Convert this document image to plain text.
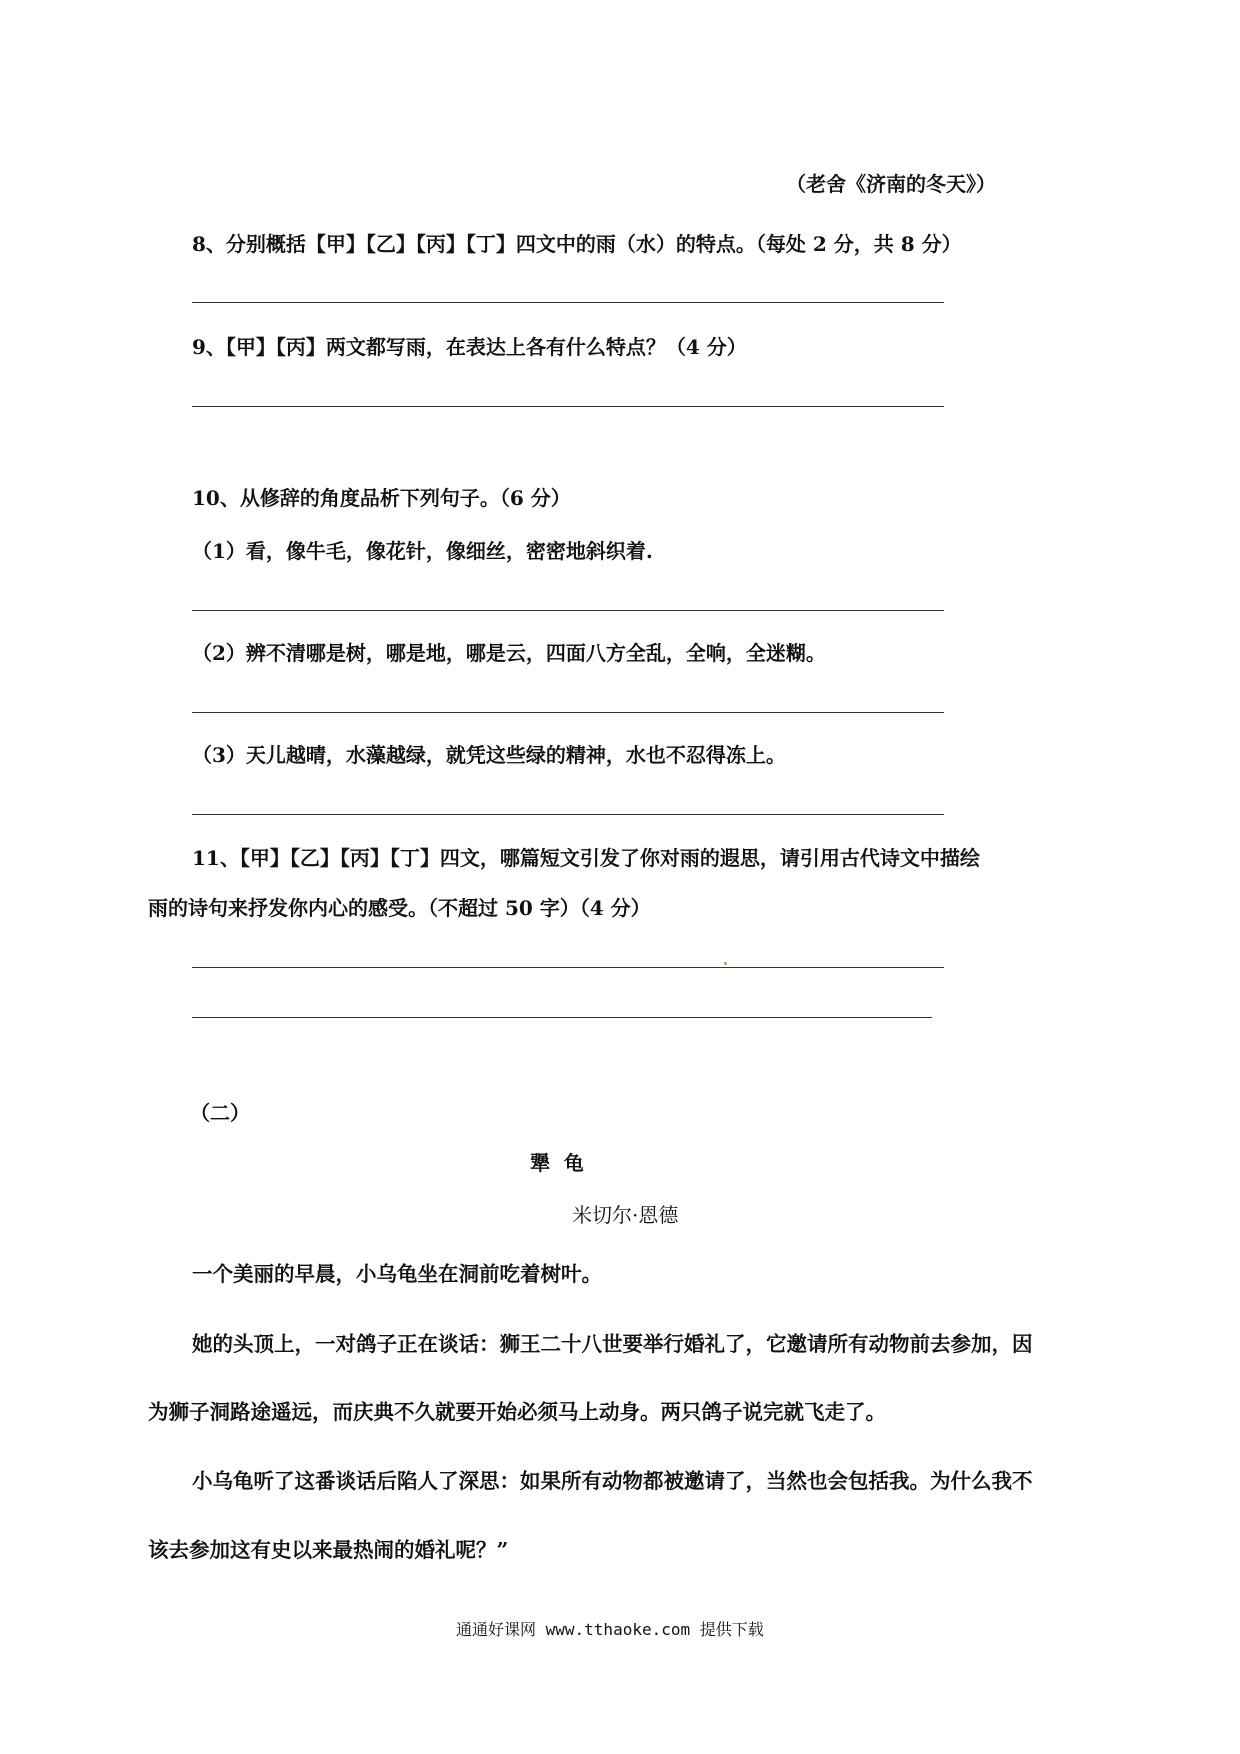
（老舍《济南的冬天》）
8、分别概括【甲】【乙】【丙】【丁】四文中的雨（水）的特点。（每处 2 分，共 8 分）
9、【甲】【丙】两文都写雨，在表达上各有什么特点？（4 分）
10、从修辞的角度品析下列句子。（6 分）
（1）看，像牛毛，像花针，像细丝，密密地斜织着.
（2）辨不清哪是树，哪是地，哪是云，四面八方全乱，全响，全迷糊。
（3）天儿越晴，水藻越绿，就凭这些绿的精神，水也不忍得冻上。
11、【甲】【乙】【丙】【丁】四文，哪篇短文引发了你对雨的遐思，请引用古代诗文中描绘
雨的诗句来抒发你内心的感受。（不超过 50 字）（4 分）
（二）
犟  龟
米切尔·恩德
一个美丽的早晨，小乌龟坐在洞前吃着树叶。
她的头顶上，一对鸽子正在谈话：狮王二十八世要举行婚礼了，它邀请所有动物前去参加，因
为狮子洞路途遥远，而庆典不久就要开始必须马上动身。两只鸽子说完就飞走了。
小乌龟听了这番谈话后陷人了深思：如果所有动物都被邀请了，当然也会包括我。为什么我不
该去参加这有史以来最热闹的婚礼呢？”
通通好课网 www.tthaoke.com 提供下载
